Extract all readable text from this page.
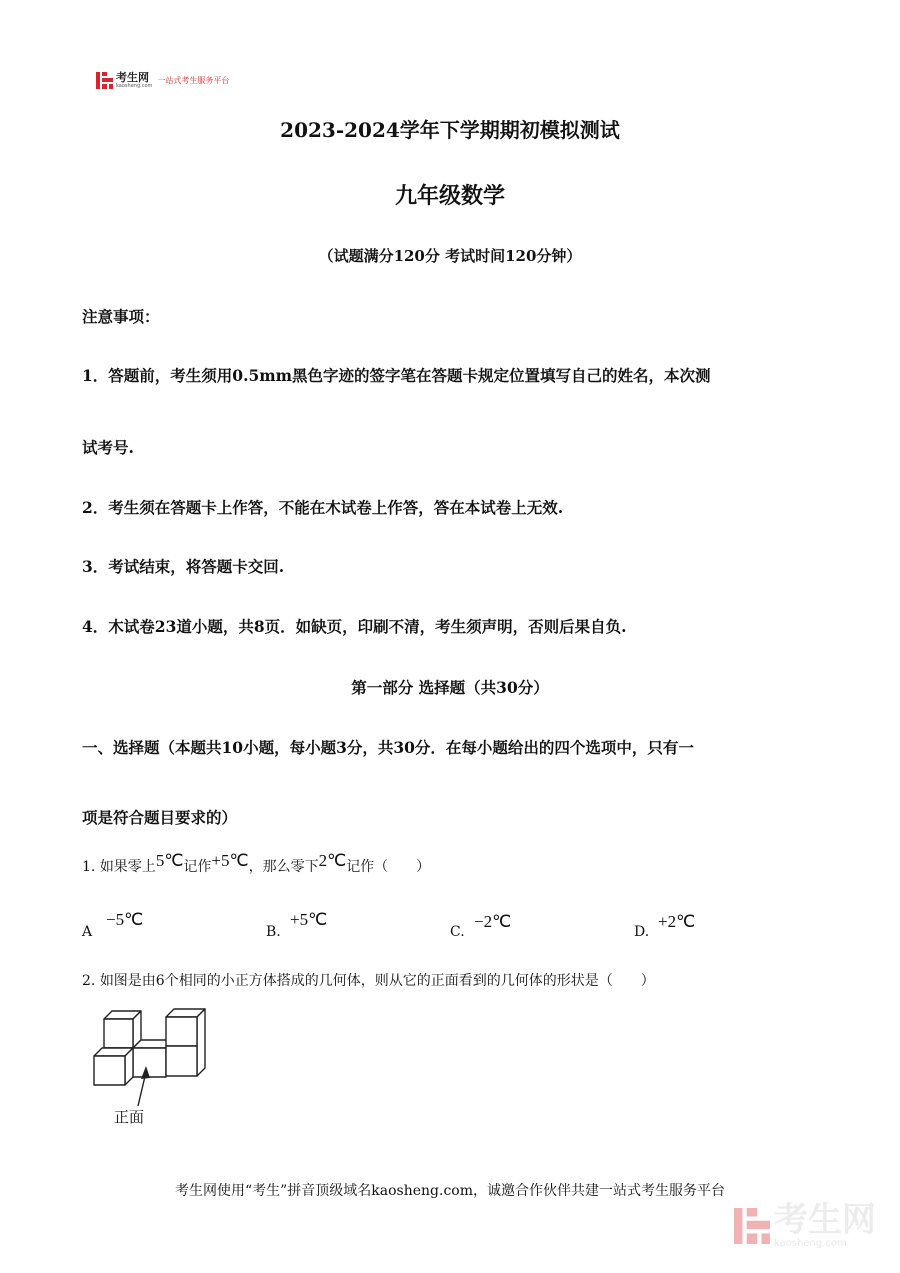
考生网
kaosheng.com
一站式考生服务平台
2023-2024学年下学期期初模拟测试
九年级数学
（试题满分120分 考试时间120分钟）
注意事项：
1．答题前，考生须用0.5mm黑色字迹的签字笔在答题卡规定位置填写自己的姓名，本次测
试考号.
2．考生须在答题卡上作答，不能在木试卷上作答，答在本试卷上无效.
3．考试结束，将答题卡交回.
4．木试卷23道小题，共8页．如缺页，印刷不清，考生须声明，否则后果自负.
第一部分 选择题（共30分）
一、选择题（本题共10小题，每小题3分，共30分．在每小题给出的四个选项中，只有一
项是符合题目要求的）
1. 如果零上5℃记作+5℃，那么零下2℃记作（　　）
A
−5℃
B.
+5℃
C.
−2℃
D.
+2℃
2. 如图是由6个相同的小正方体搭成的几何体，则从它的正面看到的几何体的形状是（　　）
正面
考生网使用“考生”拼音顶级域名kaosheng.com，诚邀合作伙伴共建一站式考生服务平台
考生网
kaosheng.com
